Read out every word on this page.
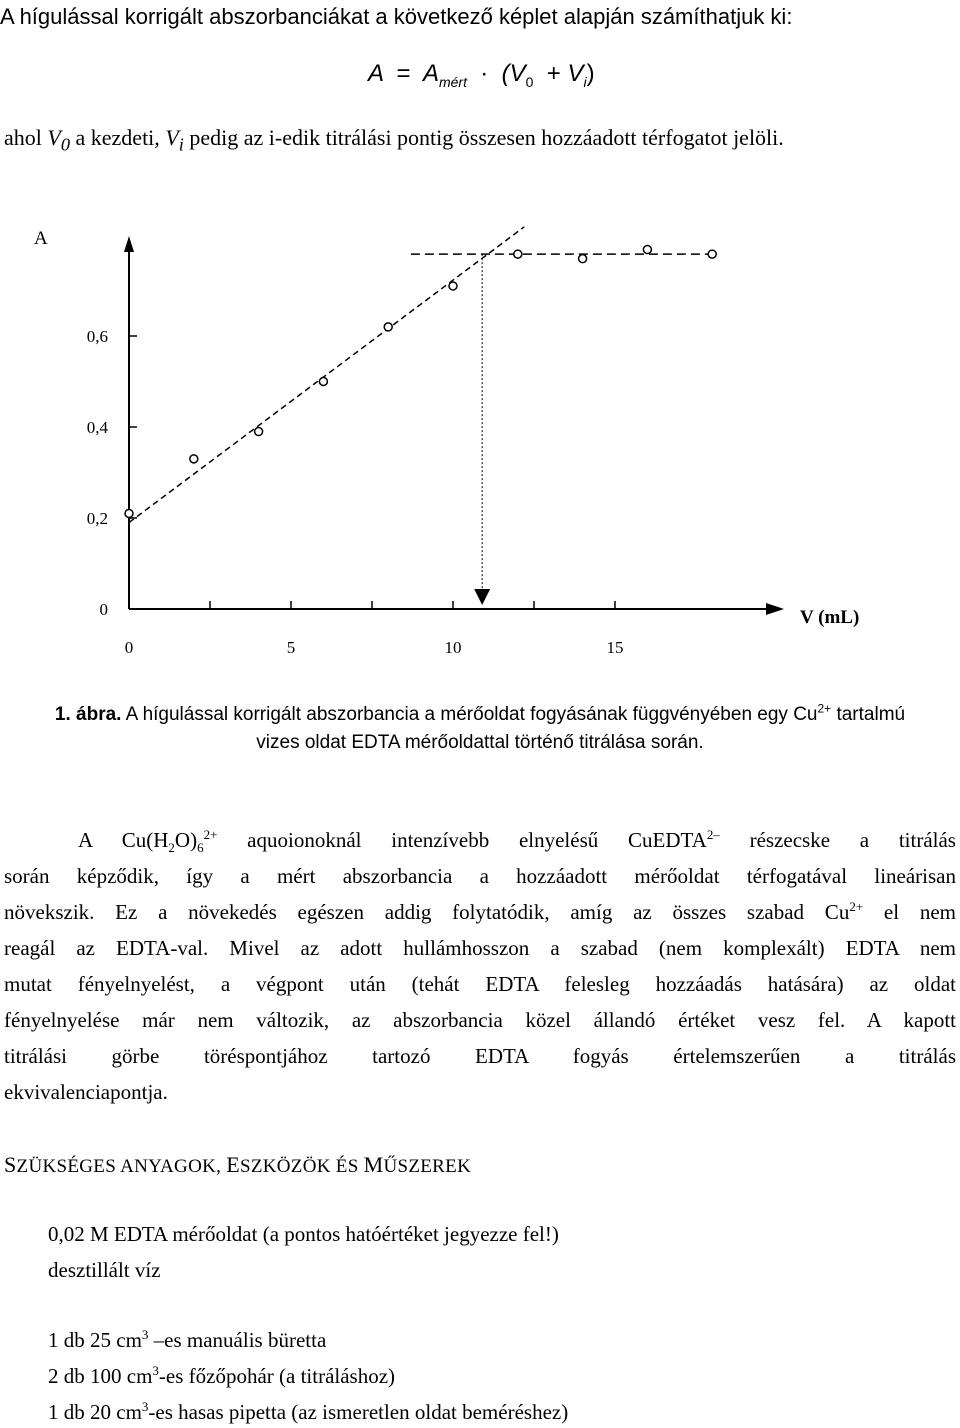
A hígulással korrigált abszorbanciákat a következő képlet alapján számíthatjuk ki:
$A = A_{mért} \cdot (V_0 + V_i)$
ahol $V_0$ a kezdeti, $V_i$ pedig az i-edik titrálási pontig összesen hozzáadott térfogatot jelöli.
A
V (mL)
0
0,2
0,4
0,6
0	5	10	15
1. ábra. A hígulással korrigált abszorbancia a mérőoldat fogyásának függvényében egy $Cu^{2+}$ tartalmú
vizes oldat EDTA mérőoldattal történő titrálása során.
A $Cu(H_2O)_6^{2+}$ aquoionoknál intenzívebb elnyelésű CuEDTA$^{2-}$ részecske a titrálás
során képződik, így a mért abszorbancia a hozzáadott mérőoldat térfogatával lineárisan
növekszik. Ez a növekedés egészen addig folytatódik, amíg az összes szabad $Cu^{2+}$ el nem
reagál az EDTA-val. Mivel az adott hullámhosszon a szabad (nem komplexált) EDTA nem
mutat fényelnyelést, a végpont után (tehát EDTA felesleg hozzáadás hatására) az oldat
fényelnyelése már nem változik, az abszorbancia közel állandó értéket vesz fel. A kapott
titrálási görbe töréspontjához tartozó EDTA fogyás értelemszerűen a titrálás
ekvivalenciapontja.
SZÜKSÉGES ANYAGOK, ESZKÖZÖK ÉS MŰSZEREK
0,02 M EDTA mérőoldat (a pontos hatóértéket jegyezze fel!)
desztillált víz
1 db 25 $cm^3$ –es manuális büretta
2 db 100 $cm^3-es$ főzőpohár (a titráláshoz)
1 db 20 $cm^3-es$ hasas pipetta (az ismeretlen oldat beméréshez)
